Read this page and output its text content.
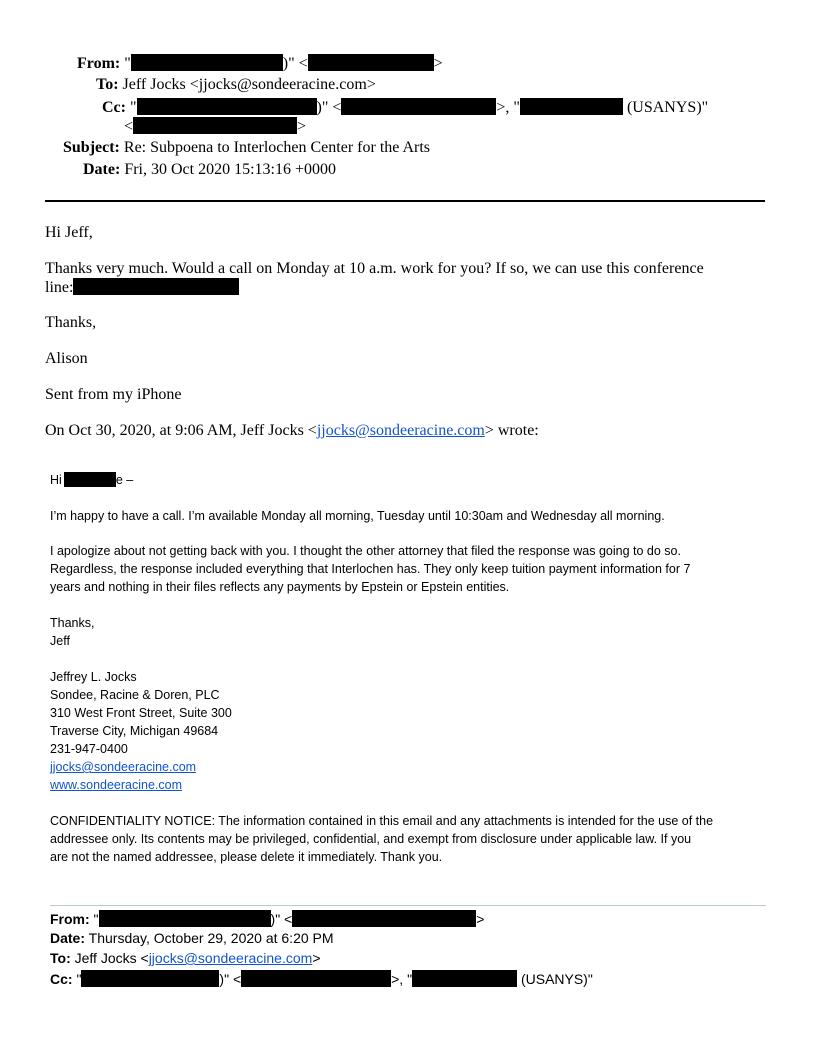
From: "	)" <	>
To: Jeff Jocks <jjocks@sondeeracine.com>
Cc: "	)" <	>, "	(USANYS)"
<	>
Subject: Re: Subpoena to Interlochen Center for the Arts
Date: Fri, 30 Oct 2020 15:13:16 +0000
Hi Jeff,
Thanks very much. Would a call on Monday at 10 a.m. work for you? If so, we can use this conference
line:
Thanks,
Alison
Sent from my iPhone
On Oct 30, 2020, at 9:06 AM, Jeff Jocks <jjocks@sondeeracine.com> wrote:
Hi	e –
I’m happy to have a call. I’m available Monday all morning, Tuesday until 10:30am and Wednesday all morning.
I apologize about not getting back with you. I thought the other attorney that filed the response was going to do so.
Regardless, the response included everything that Interlochen has. They only keep tuition payment information for 7
years and nothing in their files reflects any payments by Epstein or Epstein entities.
Thanks,
Jeff
Jeffrey L. Jocks
Sondee, Racine & Doren, PLC
310 West Front Street, Suite 300
Traverse City, Michigan 49684
231-947-0400
jjocks@sondeeracine.com
www.sondeeracine.com
CONFIDENTIALITY NOTICE: The information contained in this email and any attachments is intended for the use of the
addressee only. Its contents may be privileged, confidential, and exempt from disclosure under applicable law. If you
are not the named addressee, please delete it immediately. Thank you.
From: "	)" <	>
Date: Thursday, October 29, 2020 at 6:20 PM
To: Jeff Jocks <jjocks@sondeeracine.com>
Cc: "	)" <	>, "	(USANYS)"
